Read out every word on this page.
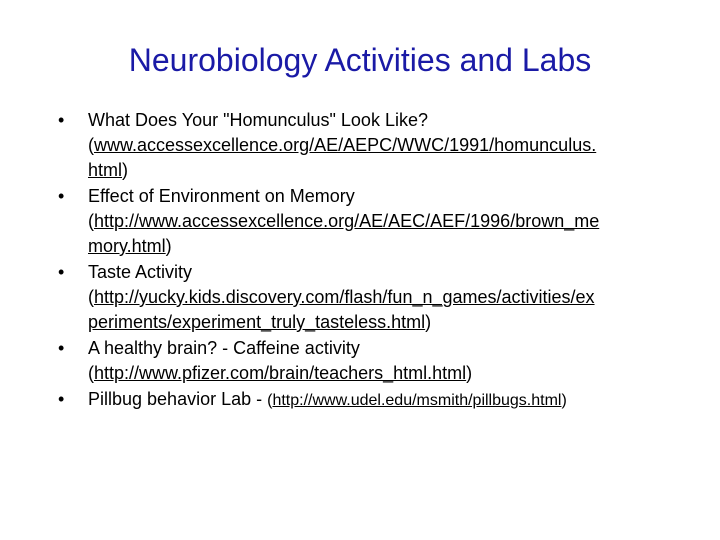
Neurobiology Activities and Labs
•	What Does Your "Homunculus" Look Like?
(www.accessexcellence.org/AE/AEPC/WWC/1991/homunculus.
html)
•	Effect of Environment on Memory
(http://www.accessexcellence.org/AE/AEC/AEF/1996/brown_me
mory.html)
•	Taste Activity
(http://yucky.kids.discovery.com/flash/fun_n_games/activities/ex
periments/experiment_truly_tasteless.html)
•	A healthy brain? - Caffeine activity
(http://www.pfizer.com/brain/teachers_html.html)
•	Pillbug behavior Lab - (http://www.udel.edu/msmith/pillbugs.html)
